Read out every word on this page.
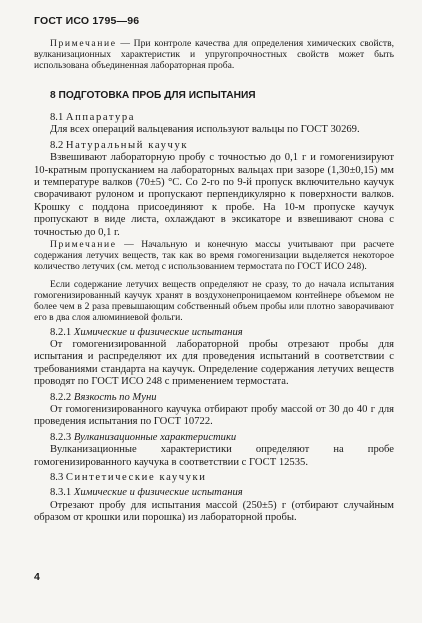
ГОСТ ИСО 1795—96

Примечание — При контроле качества для определения химических свойств, вулканизационных характеристик и упругопрочностных свойств может быть использована объединенная лабораторная проба.

8 ПОДГОТОВКА ПРОБ ДЛЯ ИСПЫТАНИЯ

8.1 Аппаратура

Для всех операций вальцевания используют вальцы по ГОСТ 30269.

8.2 Натуральный каучук

Взвешивают лабораторную пробу с точностью до 0,1 г и гомогенизируют 10-кратным пропусканием на лабораторных вальцах при зазоре (1,30±0,15) мм и температуре валков (70±5) °С. Со 2-го по 9-й пропуск включительно каучук сворачивают рулоном и пропускают перпендикулярно к поверхности валков. Крошку с поддона присоединяют к пробе. На 10-м пропуске каучук пропускают в виде листа, охлаждают в эксикаторе и взвешивают снова с точностью до 0,1 г.

Примечание — Начальную и конечную массы учитывают при расчете содержания летучих веществ, так как во время гомогенизации выделяется некоторое количество летучих (см. метод с использованием термостата по ГОСТ ИСО 248).

Если содержание летучих веществ определяют не сразу, то до начала испытания гомогенизированный каучук хранят в воздухонепроницаемом контейнере объемом не более чем в 2 раза превышающим собственный объем пробы или плотно заворачивают его в два слоя алюминиевой фольги.

8.2.1 Химические и физические испытания

От гомогенизированной лабораторной пробы отрезают пробы для испытания и распределяют их для проведения испытаний в соответствии с требованиями стандарта на каучук. Определение содержания летучих веществ проводят по ГОСТ ИСО 248 с применением термостата.

8.2.2 Вязкость по Муни

От гомогенизированного каучука отбирают пробу массой от 30 до 40 г для проведения испытания по ГОСТ 10722.

8.2.3 Вулканизационные характеристики

Вулканизационные характеристики определяют на пробе гомогенизированного каучука в соответствии с ГОСТ 12535.

8.3 Синтетические каучуки

8.3.1 Химические и физические испытания

Отрезают пробу для испытания массой (250±5) г (отбирают случайным образом от крошки или порошка) из лабораторной пробы.

4
